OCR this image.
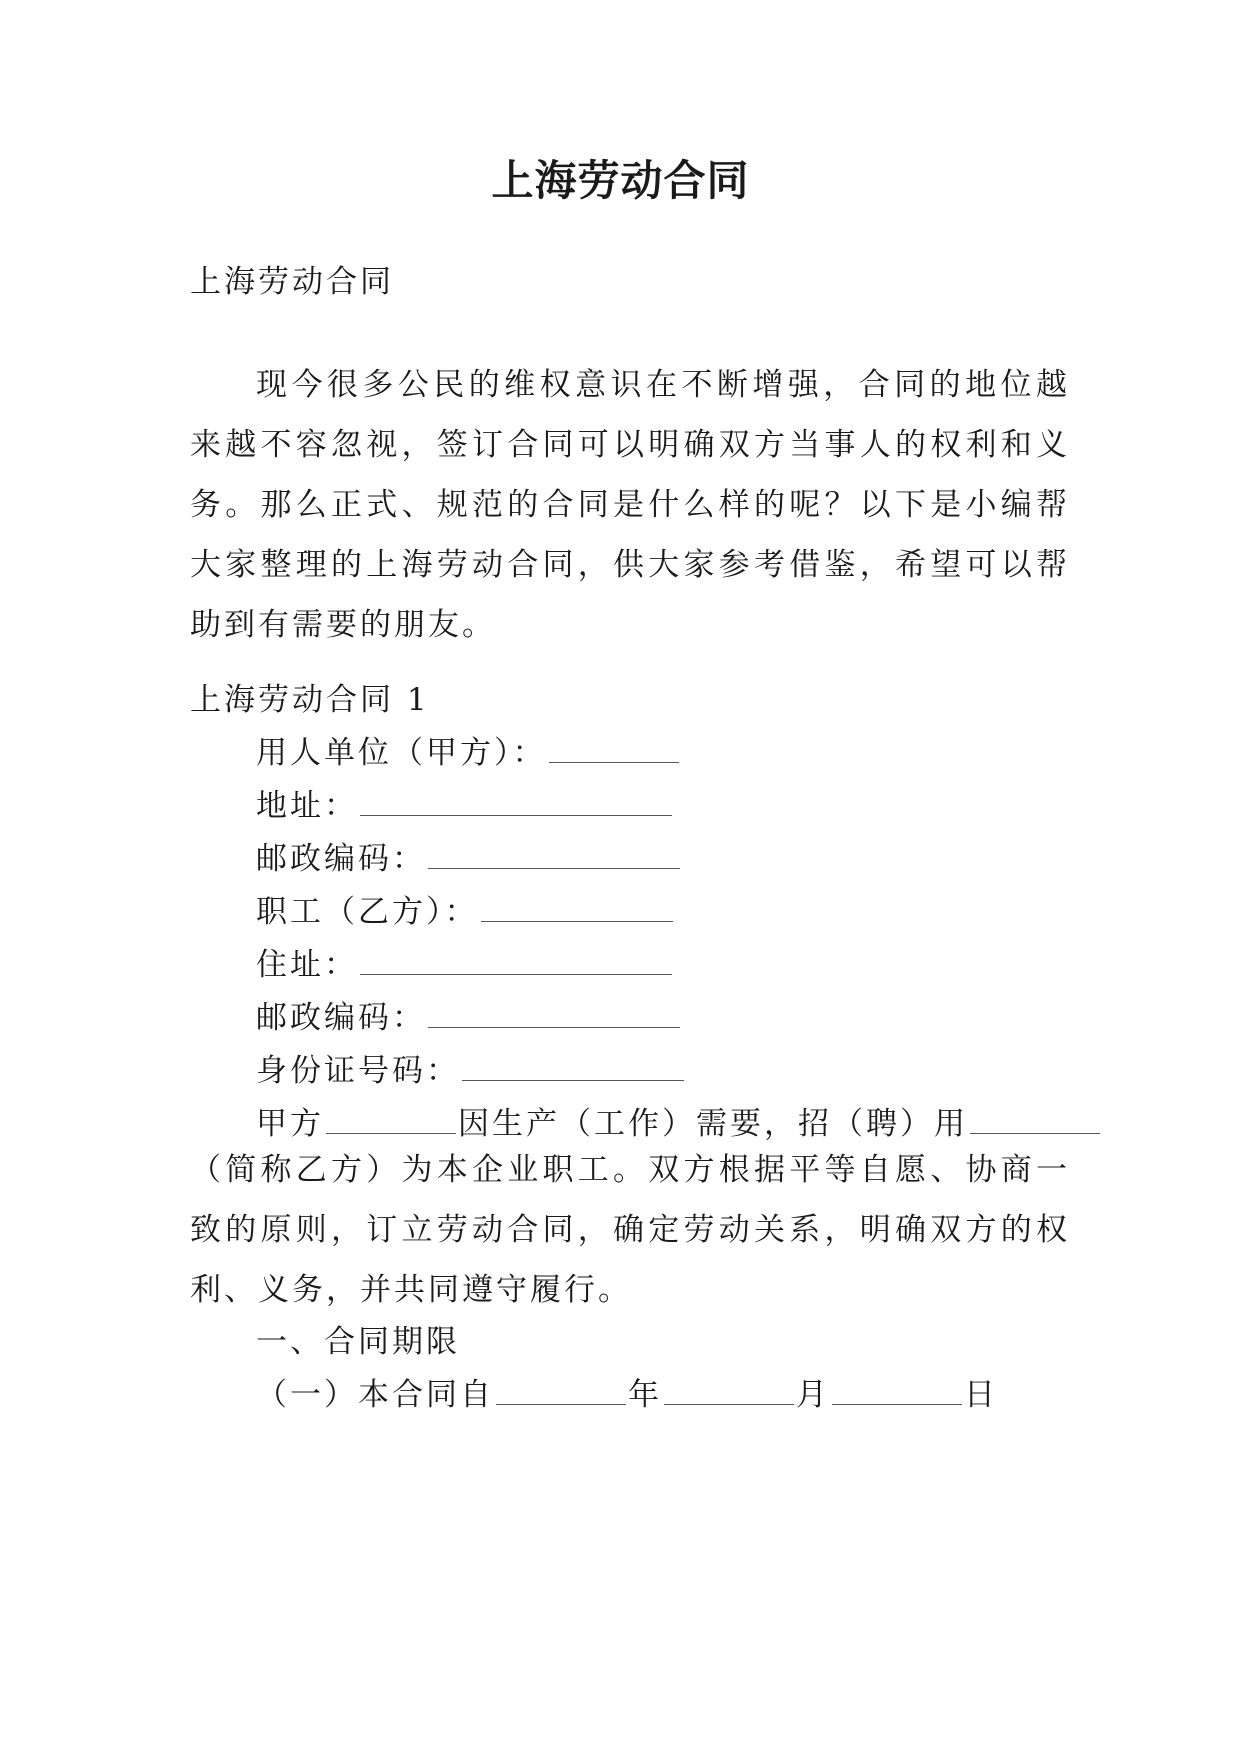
上海劳动合同
上海劳动合同
现今很多公民的维权意识在不断增强，合同的地位越来越不容忽视，签订合同可以明确双方当事人的权利和义务。那么正式、规范的合同是什么样的呢？以下是小编帮大家整理的上海劳动合同，供大家参考借鉴，希望可以帮助到有需要的朋友。
上海劳动合同 1
用人单位（甲方）：
地址：
邮政编码：
职工（乙方）：
住址：
邮政编码：
身份证号码：
甲方	因生产（工作）需要，招（聘）用
（简称乙方）为本企业职工。双方根据平等自愿、协商一致的原则，订立劳动合同，确定劳动关系，明确双方的权利、义务，并共同遵守履行。
一、合同期限
（一）本合同自	年	月	日
